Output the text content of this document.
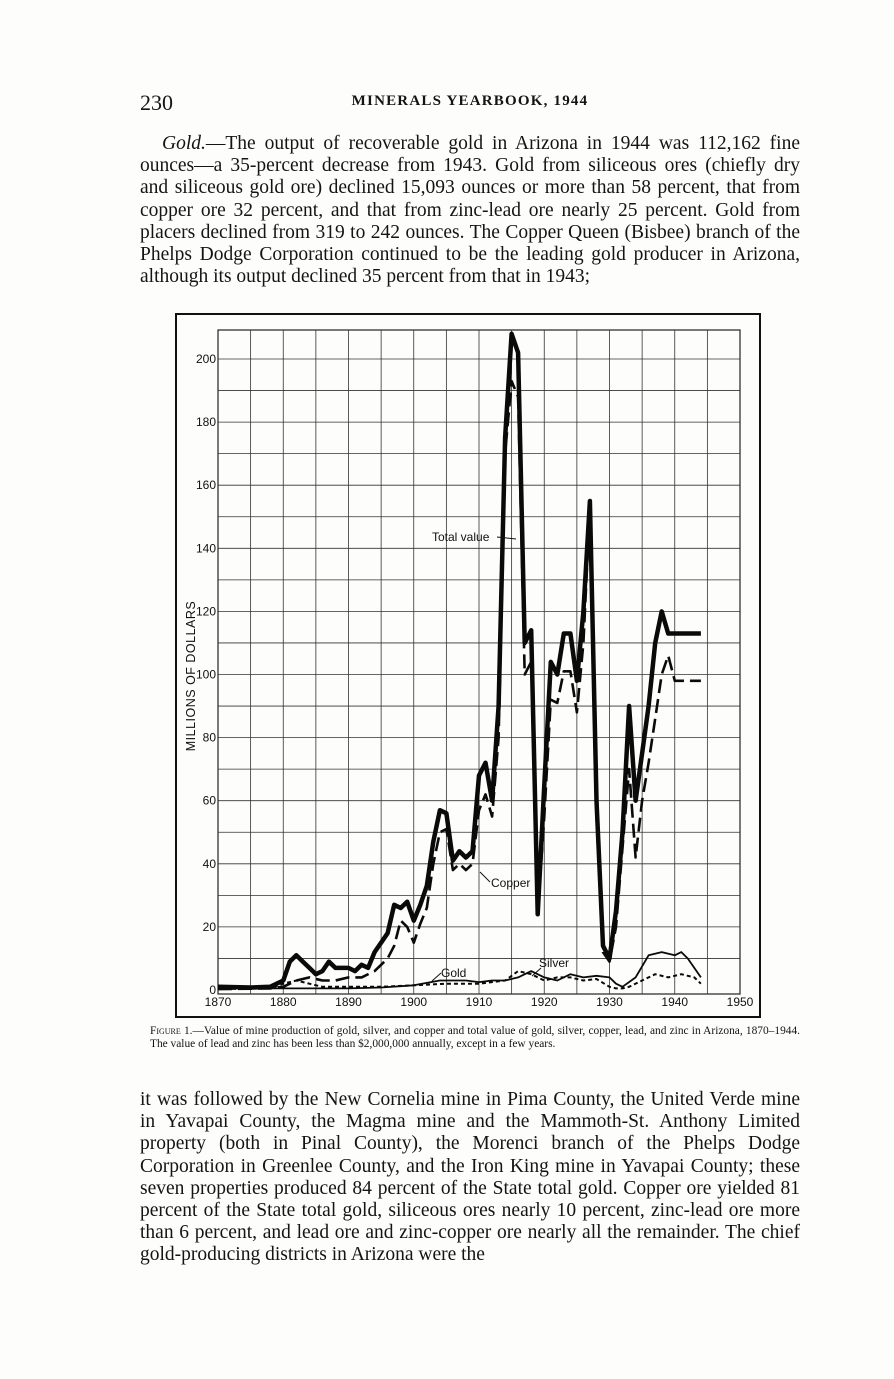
230	MINERALS YEARBOOK, 1944

Gold.—The output of recoverable gold in Arizona in 1944 was 112,162 fine ounces—a 35-percent decrease from 1943. Gold from siliceous ores (chiefly dry and siliceous gold ore) declined 15,093 ounces or more than 58 percent, that from copper ore 32 percent, and that from zinc-lead ore nearly 25 percent. Gold from placers declined from 319 to 242 ounces. The Copper Queen (Bisbee) branch of the Phelps Dodge Corporation continued to be the leading gold producer in Arizona, although its output declined 35 percent from that in 1943;

0
20
40
60
80
100
120
140
160
180
200
1870	1880	1890	1900	1910	1920	1930	1940	1950
MILLIONS OF DOLLARS
Total value
Copper
Silver
Gold

Figure 1.—Value of mine production of gold, silver, and copper and total value of gold, silver, copper, lead, and zinc in Arizona, 1870–1944. The value of lead and zinc has been less than $2,000,000 annually, except in a few years.

it was followed by the New Cornelia mine in Pima County, the United Verde mine in Yavapai County, the Magma mine and the Mammoth-St. Anthony Limited property (both in Pinal County), the Morenci branch of the Phelps Dodge Corporation in Greenlee County, and the Iron King mine in Yavapai County; these seven properties produced 84 percent of the State total gold. Copper ore yielded 81 percent of the State total gold, siliceous ores nearly 10 percent, zinc-lead ore more than 6 percent, and lead ore and zinc-copper ore nearly all the remainder. The chief gold-producing districts in Arizona were the
